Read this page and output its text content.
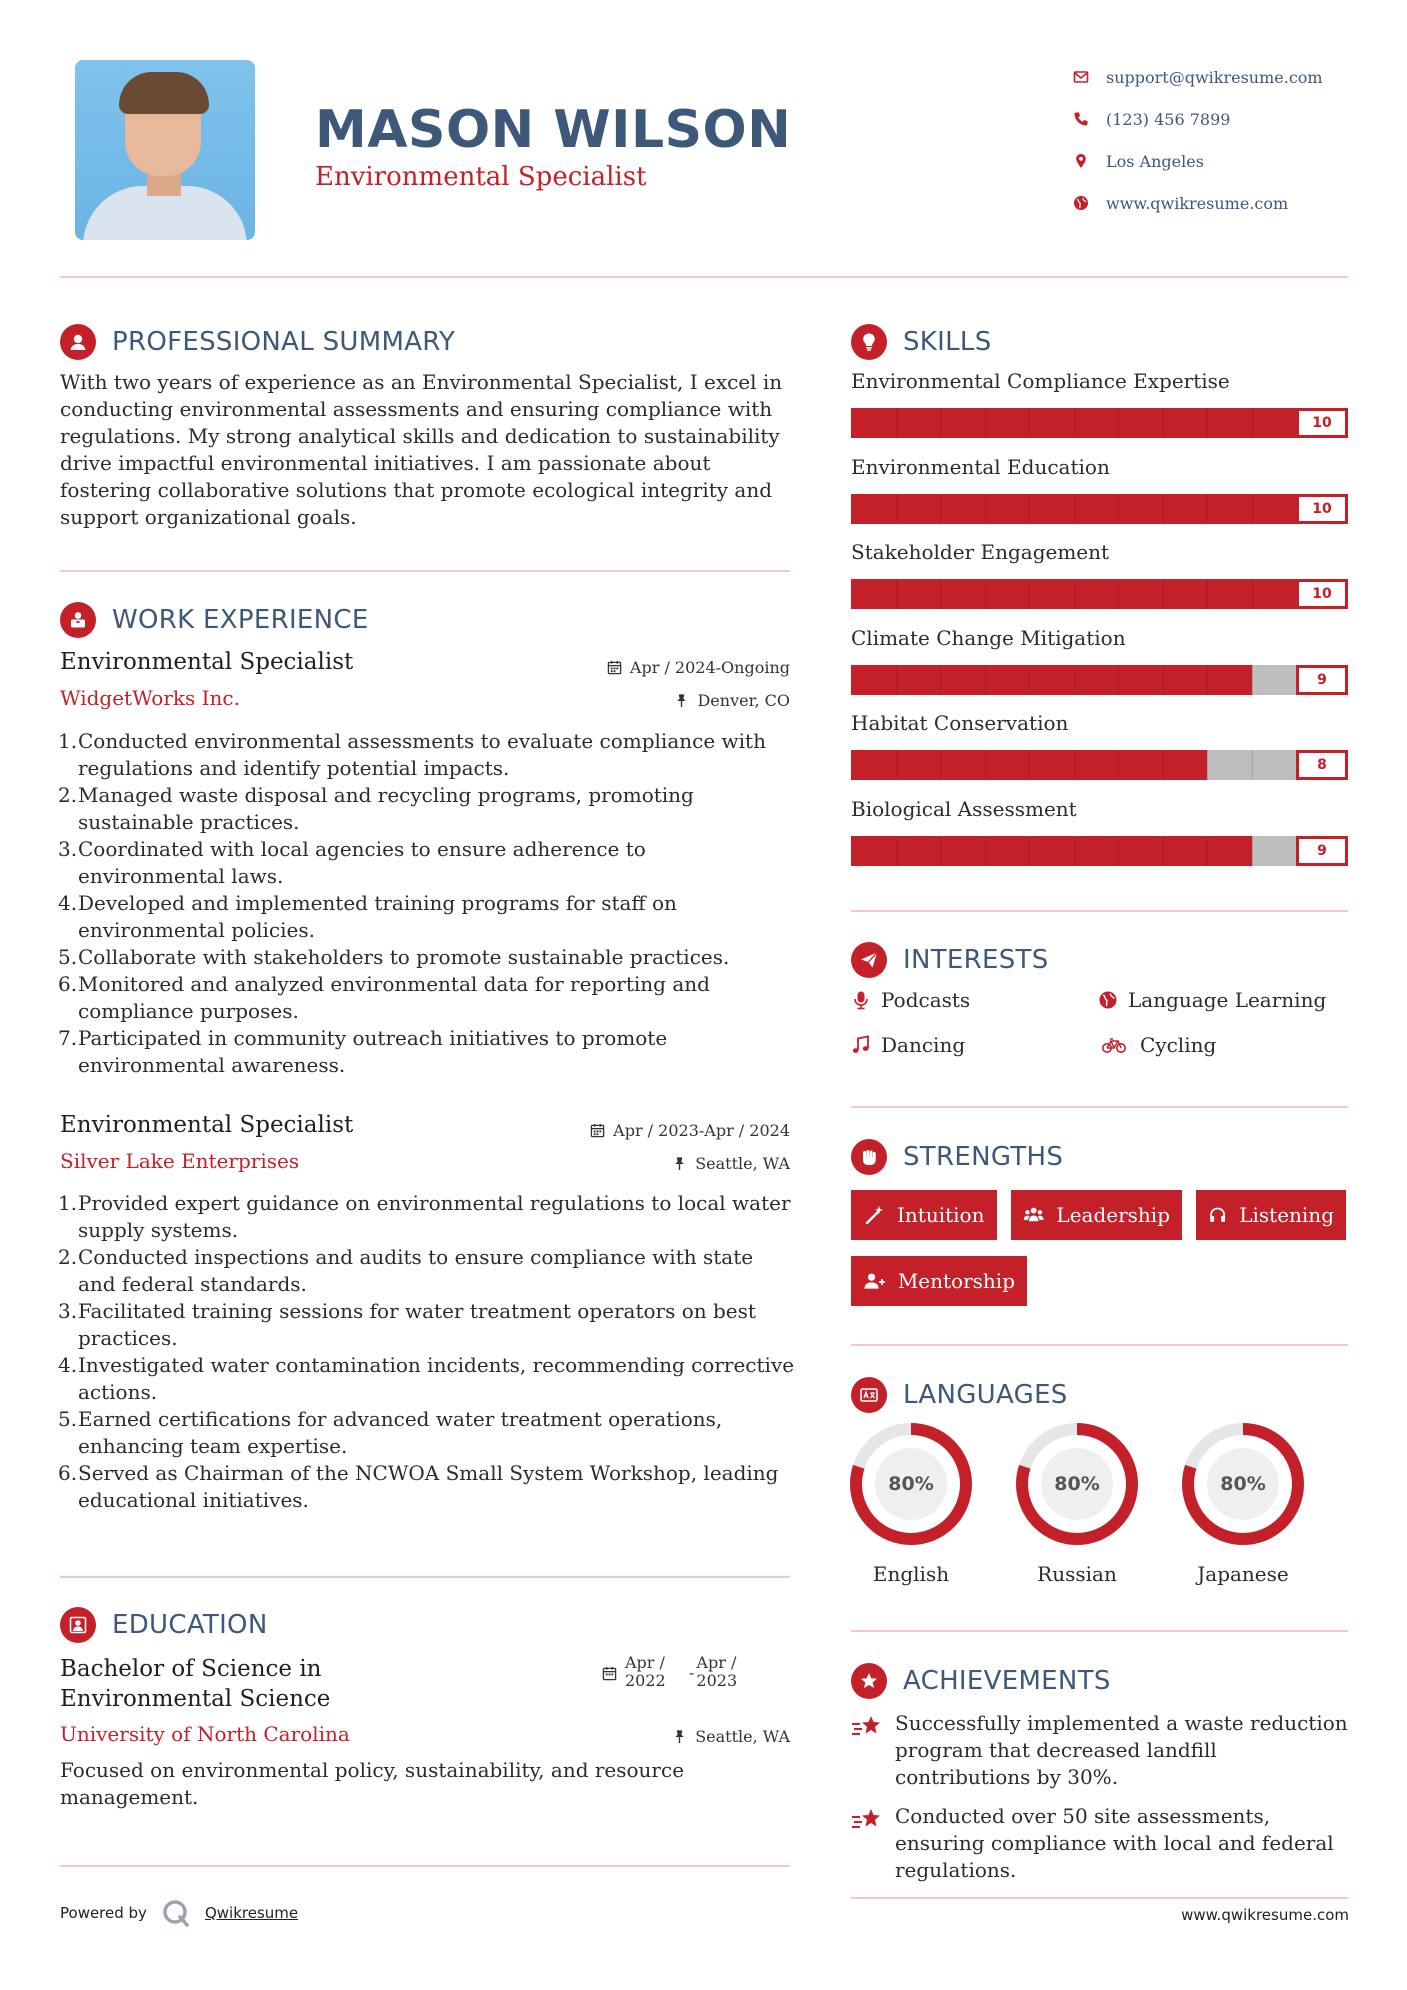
MASON WILSON
Environmental Specialist
support@qwikresume.com
(123) 456 7899
Los Angeles
www.qwikresume.com
PROFESSIONAL SUMMARY
With two years of experience as an Environmental Specialist, I excel in conducting environmental assessments and ensuring compliance with regulations. My strong analytical skills and dedication to sustainability drive impactful environmental initiatives. I am passionate about fostering collaborative solutions that promote ecological integrity and support organizational goals.
WORK EXPERIENCE
Environmental Specialist	Apr / 2024-Ongoing
WidgetWorks Inc.	Denver, CO
1. Conducted environmental assessments to evaluate compliance with regulations and identify potential impacts.
2. Managed waste disposal and recycling programs, promoting sustainable practices.
3. Coordinated with local agencies to ensure adherence to environmental laws.
4. Developed and implemented training programs for staff on environmental policies.
5. Collaborate with stakeholders to promote sustainable practices.
6. Monitored and analyzed environmental data for reporting and compliance purposes.
7. Participated in community outreach initiatives to promote environmental awareness.
Environmental Specialist	Apr / 2023-Apr / 2024
Silver Lake Enterprises	Seattle, WA
1. Provided expert guidance on environmental regulations to local water supply systems.
2. Conducted inspections and audits to ensure compliance with state and federal standards.
3. Facilitated training sessions for water treatment operators on best practices.
4. Investigated water contamination incidents, recommending corrective actions.
5. Earned certifications for advanced water treatment operations, enhancing team expertise.
6. Served as Chairman of the NCWOA Small System Workshop, leading educational initiatives.
EDUCATION
Bachelor of Science in Environmental Science
Apr / 2022 -
Apr / 2023
University of North Carolina	Seattle, WA
Focused on environmental policy, sustainability, and resource management.
SKILLS
Environmental Compliance Expertise
10
Environmental Education
10
Stakeholder Engagement
10
Climate Change Mitigation
9
Habitat Conservation
8
Biological Assessment
9
INTERESTS
Podcasts	Language Learning
Dancing	Cycling
STRENGTHS
Intuition	Leadership	Listening
Mentorship
LANGUAGES
80%
English
80%
Russian
80%
Japanese
ACHIEVEMENTS
Successfully implemented a waste reduction program that decreased landfill contributions by 30%.
Conducted over 50 site assessments, ensuring compliance with local and federal regulations.
Powered by	Qwikresume	www.qwikresume.com
